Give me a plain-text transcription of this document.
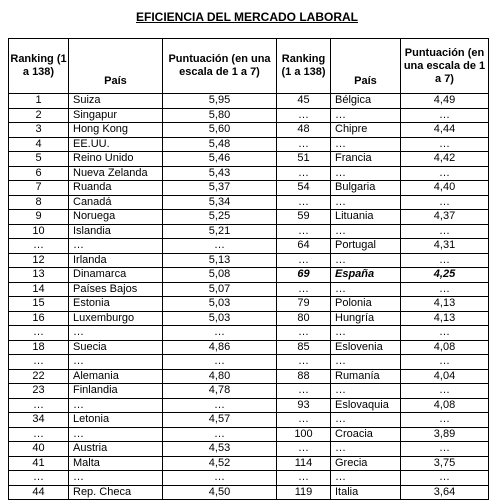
EFICIENCIA DEL MERCADO LABORAL
Ranking (1 a 138)	País	Puntuación (en una escala de 1 a 7)	Ranking (1 a 138)	País	Puntuación (en una escala de 1 a 7)
1	Suiza	5,95	45	Bélgica	4,49
2	Singapur	5,80	…	…	…
3	Hong Kong	5,60	48	Chipre	4,44
4	EE.UU.	5,48	…	…	…
5	Reino Unido	5,46	51	Francia	4,42
6	Nueva Zelanda	5,43	…	…	…
7	Ruanda	5,37	54	Bulgaria	4,40
8	Canadá	5,34	…	…	…
9	Noruega	5,25	59	Lituania	4,37
10	Islandia	5,21	…	…	…
…	…	…	64	Portugal	4,31
12	Irlanda	5,13	…	…	…
13	Dinamarca	5,08	69	España	4,25
14	Países Bajos	5,07	…	…	…
15	Estonia	5,03	79	Polonia	4,13
16	Luxemburgo	5,03	80	Hungría	4,13
…	…	…	…	…	…
18	Suecia	4,86	85	Eslovenia	4,08
…	…	…	…	…	…
22	Alemania	4,80	88	Rumanía	4,04
23	Finlandia	4,78	…	…	…
…	…	…	93	Eslovaquia	4,08
34	Letonia	4,57	…	…	…
…	…	…	100	Croacia	3,89
40	Austria	4,53	…	…	…
41	Malta	4,52	114	Grecia	3,75
…	…	…	…	…	…
44	Rep. Checa	4,50	119	Italia	3,64
